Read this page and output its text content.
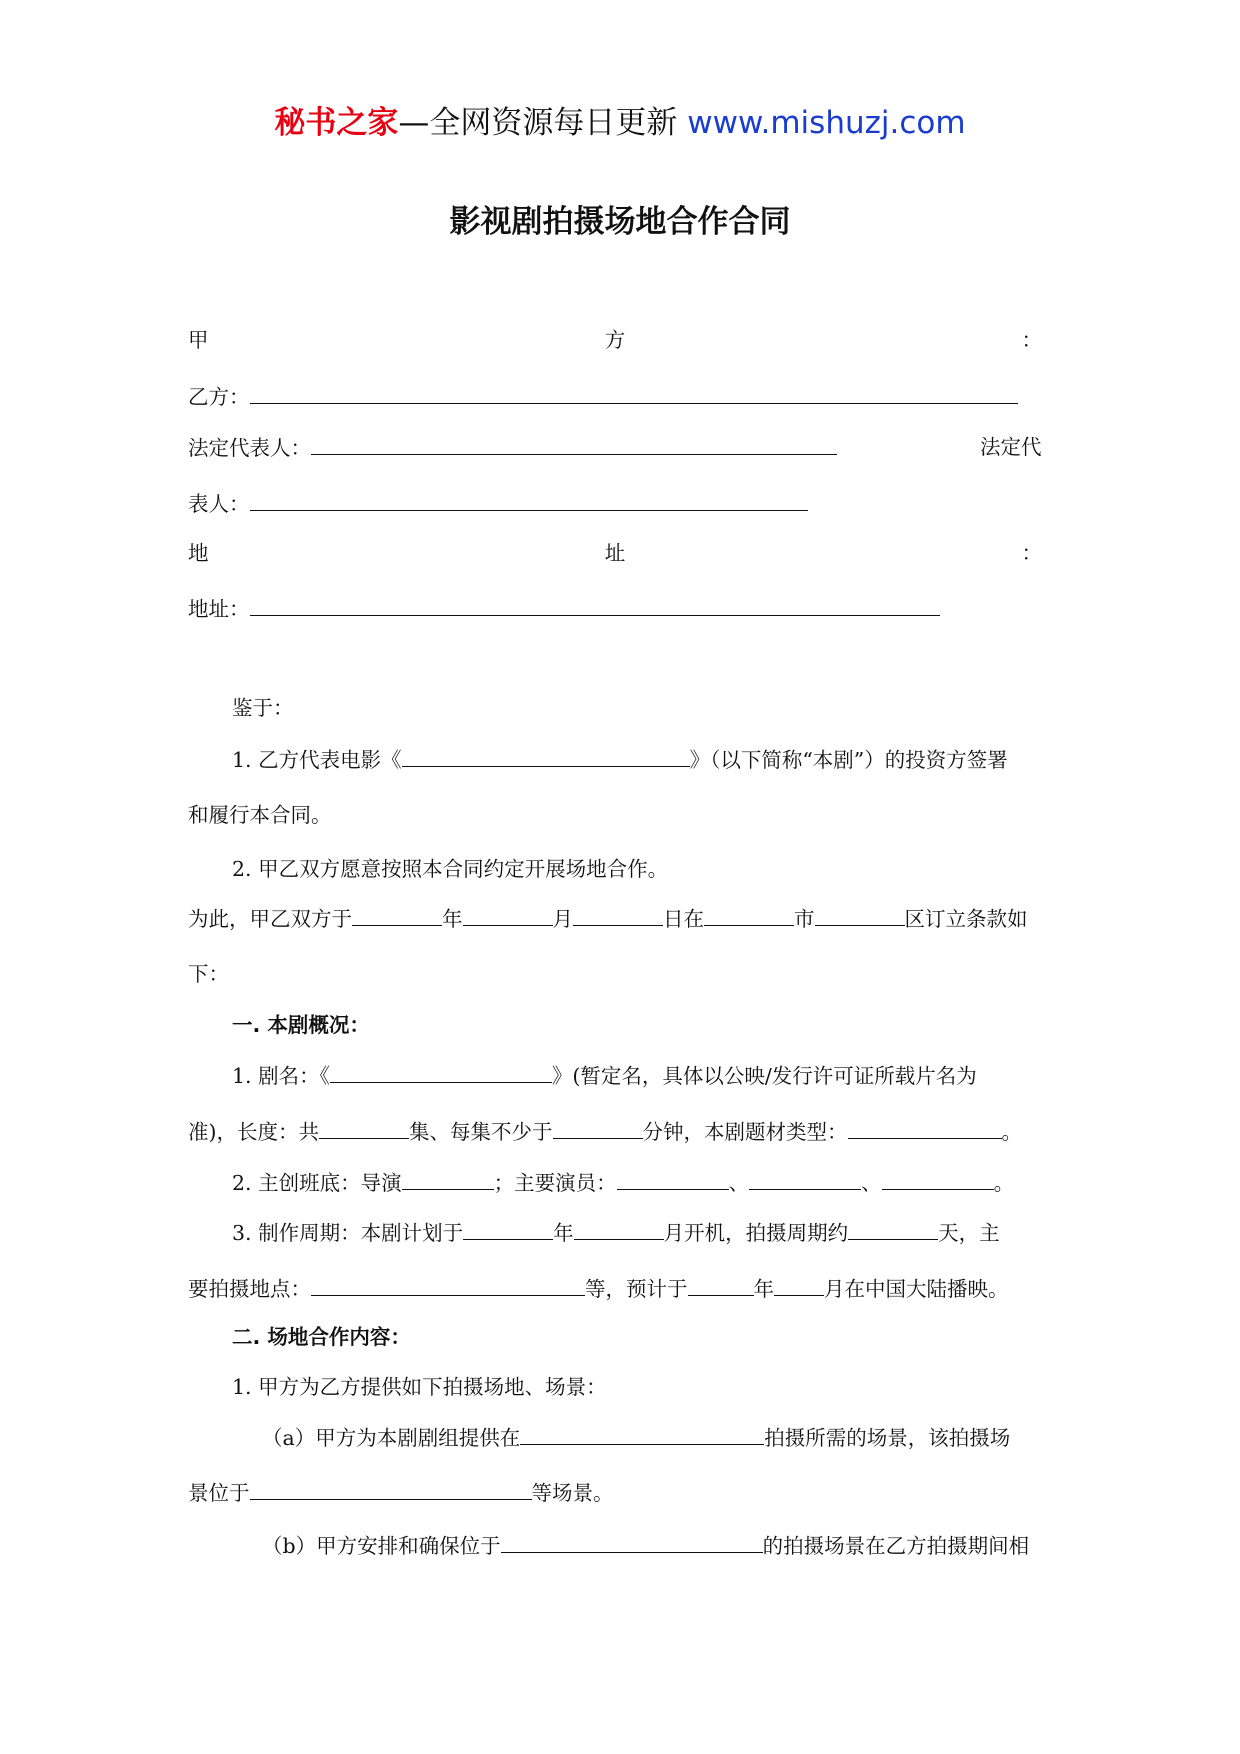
秘书之家—全网资源每日更新 www.mishuzj.com
影视剧拍摄场地合作合同
甲	方	：
乙方：
法定代表人：	法定代
表人：
地	址	：
地址：
鉴于：
1. 乙方代表电影《	》（以下简称“本剧”）的投资方签署
和履行本合同。
2. 甲乙双方愿意按照本合同约定开展场地合作。
为此，甲乙双方于	年	月	日在	市	区订立条款如
下：
一. 本剧概况：
1. 剧名：《	》(暂定名，具体以公映/发行许可证所载片名为
准)，长度：共	集、每集不少于	分钟，本剧题材类型：	。
2. 主创班底：导演	；主要演员：	、	、	。
3. 制作周期：本剧计划于	年	月开机，拍摄周期约	天，主
要拍摄地点：	等，预计于	年 月在中国大陆播映。
二. 场地合作内容：
1. 甲方为乙方提供如下拍摄场地、场景：
（a）甲方为本剧剧组提供在	拍摄所需的场景，该拍摄场
景位于	等场景。
（b）甲方安排和确保位于	的拍摄场景在乙方拍摄期间相
